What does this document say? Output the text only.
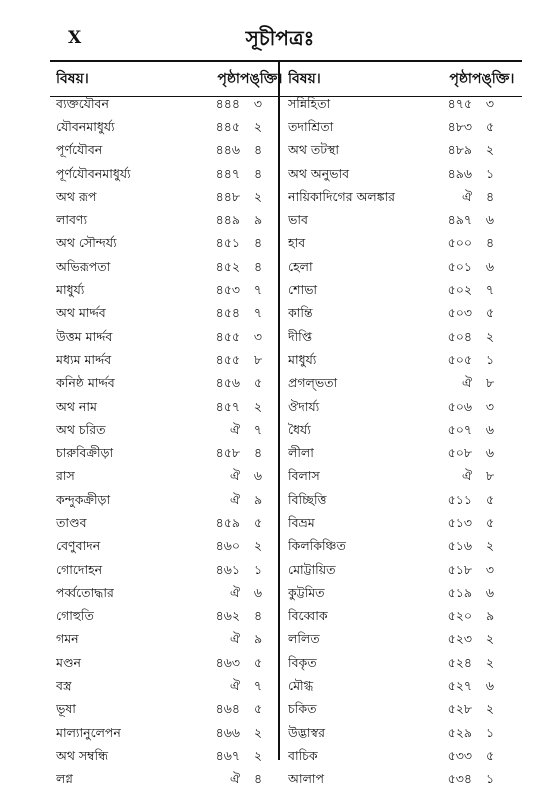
X	সূচীপত্রঃ
বিষয়।	পৃষ্ঠা পঙ্‌ক্তি।
ব্যক্তযৌবন	৪৪৪	৩
যৌবনমাধুর্য্য	৪৪৫	২
পূর্ণযৌবন	৪৪৬	৪
পূর্ণযৌবনমাধুর্য্য	৪৪৭	৪
অথ রূপ	৪৪৮	২
লাবণ্য	৪৪৯	৯
অথ সৌন্দর্য্য	৪৫১	৪
অভিরূপতা	৪৫২	৪
মাধুর্য্য	৪৫৩	৭
অথ মার্দ্দব	৪৫৪	৭
উত্তম মার্দ্দব	৪৫৫	৩
মধ্যম মার্দ্দব	৪৫৫	৮
কনিষ্ঠ মার্দ্দব	৪৫৬	৫
অথ নাম	৪৫৭	২
অথ চরিত	ঐ	৭
চারুবিক্রীড়া	৪৫৮	৪
রাস	ঐ	৬
কন্দুকক্রীড়া	ঐ	৯
তাণ্ডব	৪৫৯	৫
বেণুবাদন	৪৬০	২
গোদোহন	৪৬১	১
পর্ব্বতোদ্ধার	ঐ	৬
গোহুতি	৪৬২	৪
গমন	ঐ	৯
মণ্ডন	৪৬৩	৫
বস্ত্র	ঐ	৭
ভূষা	৪৬৪	৫
মাল্যানুলেপন	৪৬৬	২
অথ সম্বন্ধি	৪৬৭	২
লগ্ন	ঐ	৪
বিষয়।	পৃষ্ঠা পঙ্‌ক্তি।
সন্নিহিতা	৪৭৫	৩
তদাশ্রিতা	৪৮৩	৫
অথ তটস্থা	৪৮৯	২
অথ অনুভাব	৪৯৬	১
নায়িকাদিগের অলঙ্কার	ঐ	৪
ভাব	৪৯৭	৬
হাব	৫০০	৪
হেলা	৫০১	৬
শোভা	৫০২	৭
কান্তি	৫০৩	৫
দীপ্তি	৫০৪	২
মাধুর্য্য	৫০৫	১
প্রগল্ভতা	ঐ	৮
ঔদার্য্য	৫০৬	৩
ধৈর্য্য	৫০৭	৬
লীলা	৫০৮	৬
বিলাস	ঐ	৮
বিচ্ছিত্তি	৫১১	৫
বিভ্রম	৫১৩	৫
কিলকিঞ্চিত	৫১৬	২
মোট্টায়িত	৫১৮	৩
কুট্টমিত	৫১৯	৬
বিব্বোক	৫২০	৯
ললিত	৫২৩	২
বিকৃত	৫২৪	২
মৌগ্ধ	৫২৭	৬
চকিত	৫২৮	২
উদ্ভাস্বর	৫২৯	১
বাচিক	৫৩৩	৫
আলাপ	৫৩৪	১
